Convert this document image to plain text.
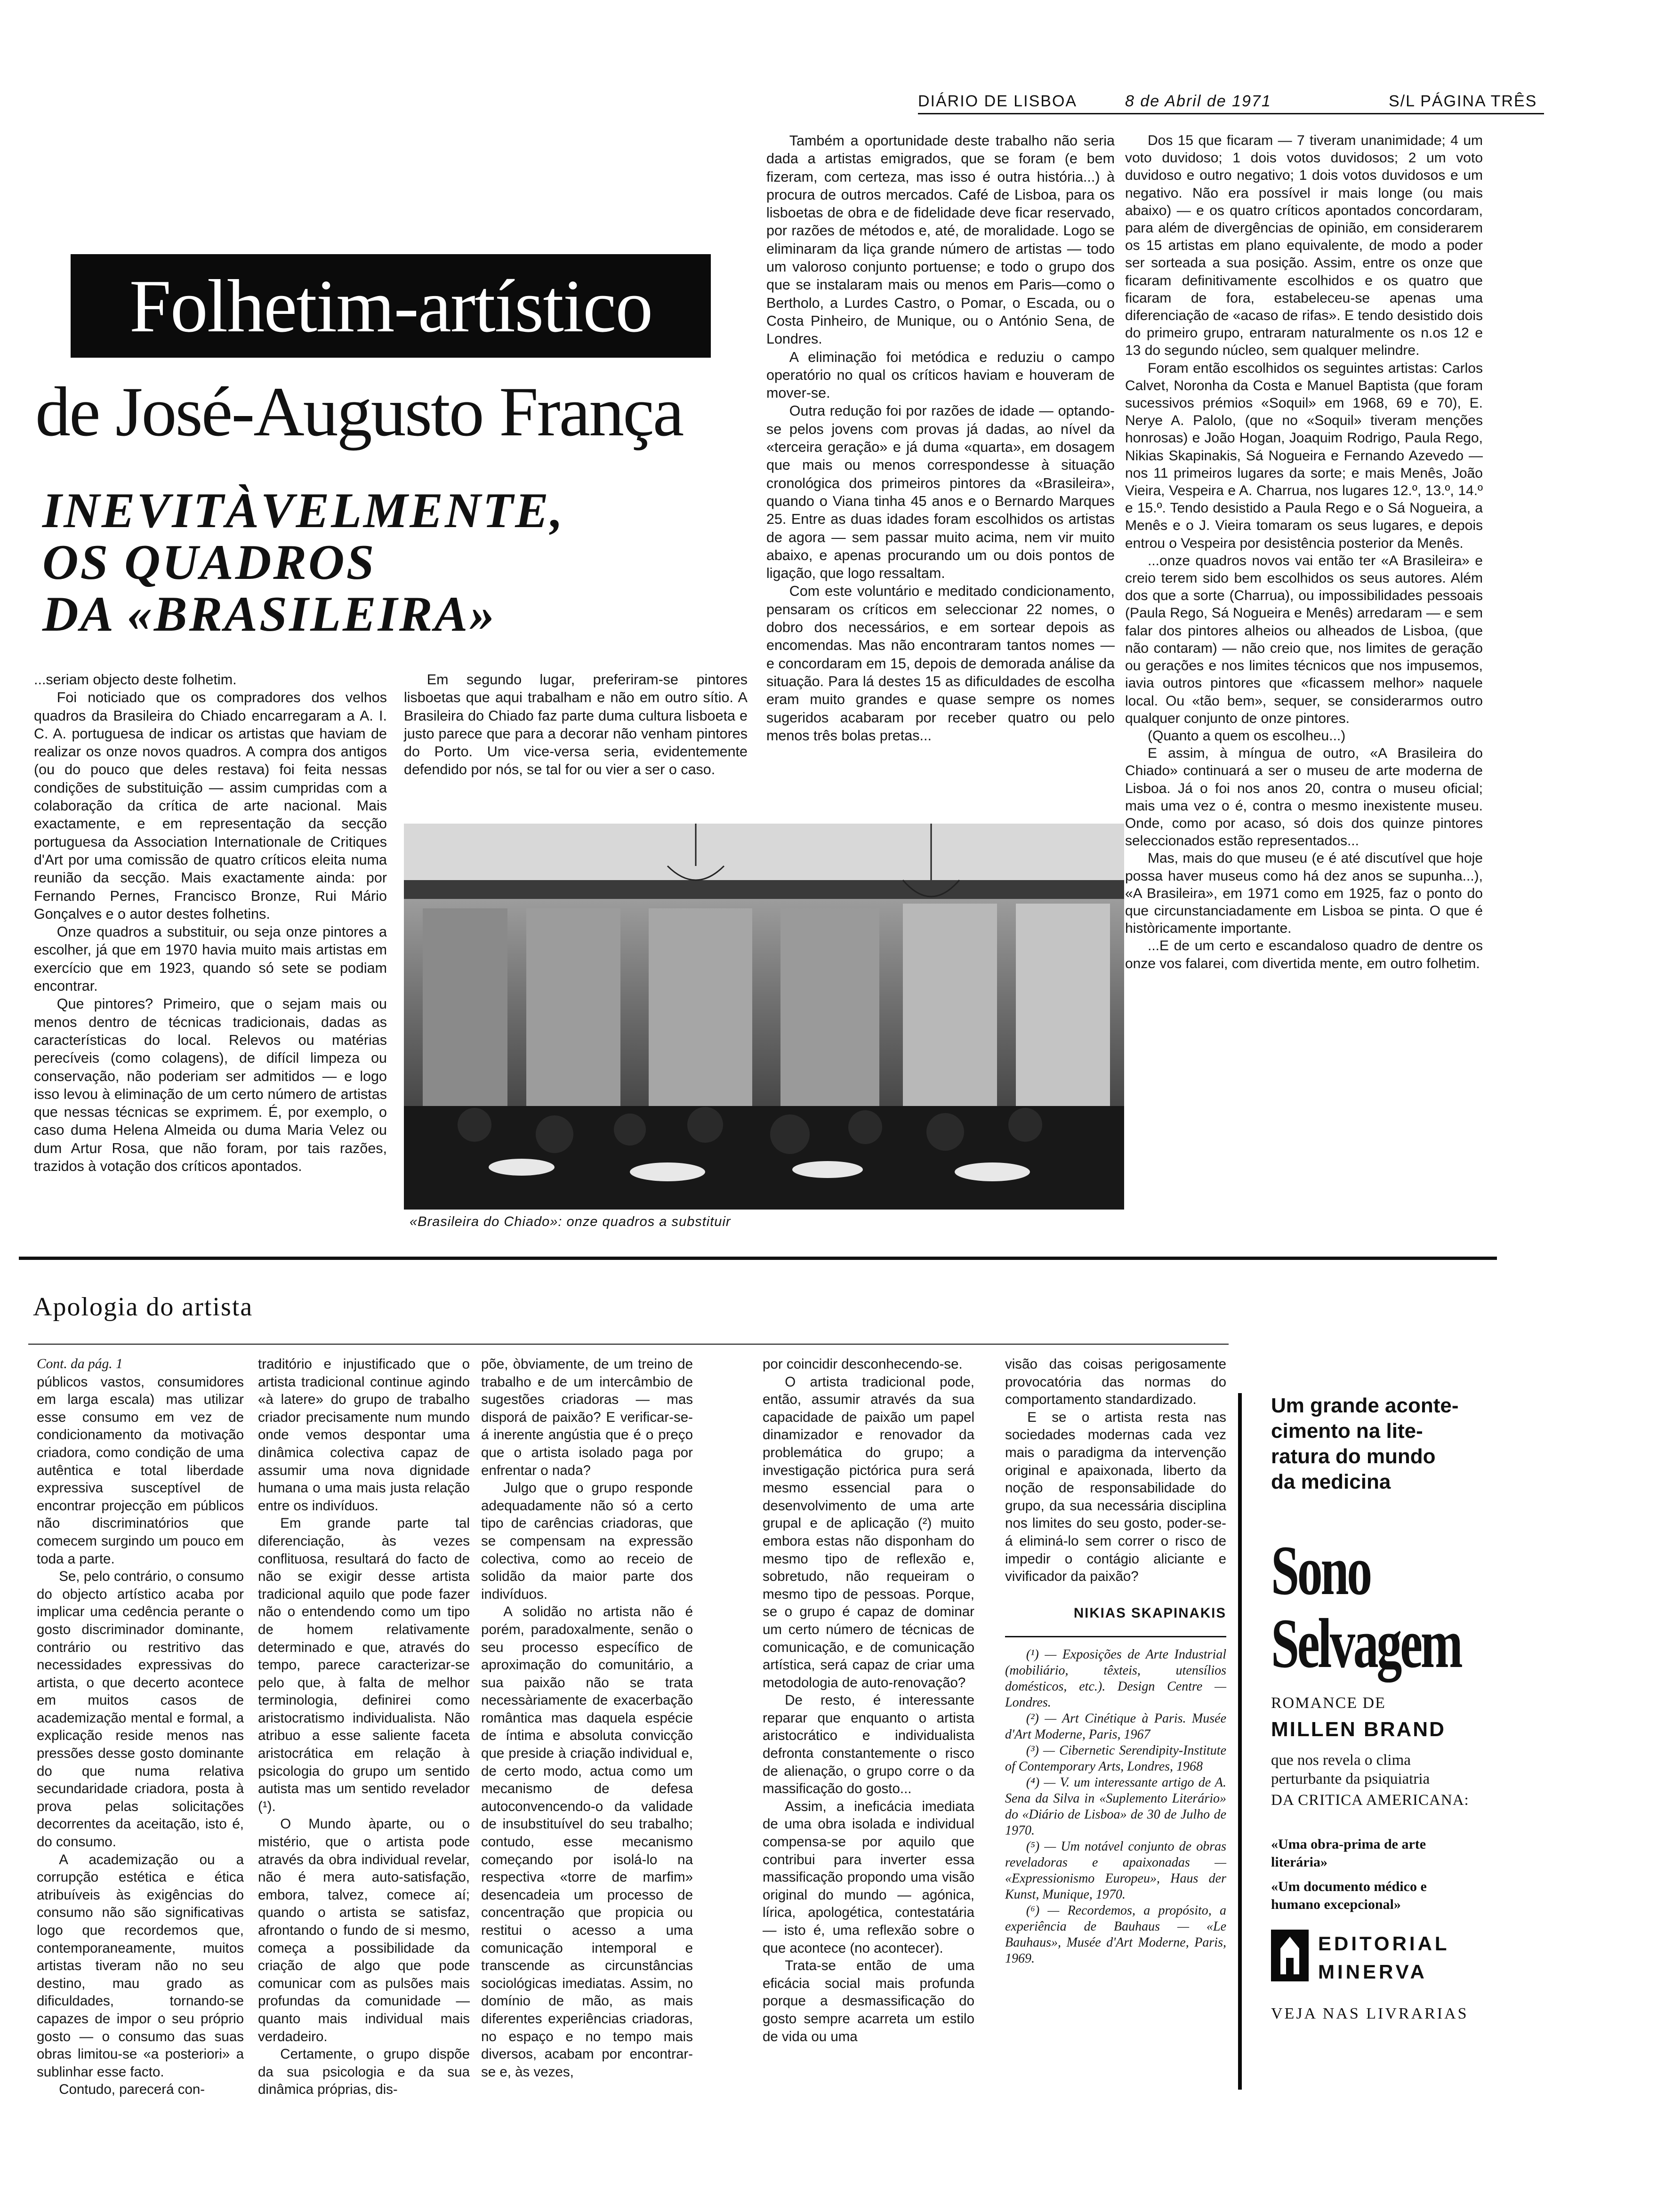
DIÁRIO DE LISBOA	8 de Abril de 1971	S/L PÁGINA TRÊS
Folhetim-artístico
de José-Augusto França
INEVITÀVELMENTE,
OS QUADROS
DA «BRASILEIRA»

...seriam objecto deste folhetim.

Foi noticiado que os compradores dos velhos quadros da Brasileira do Chiado encarregaram a A. I. C. A. portuguesa de indicar os artistas que haviam de realizar os onze novos quadros. A compra dos antigos (ou do pouco que deles restava) foi feita nessas condições de substituição — assim cumpridas com a colaboração da crítica de arte nacional. Mais exactamente, e em representação da secção portuguesa da Association Internationale de Critiques d'Art por uma comissão de quatro críticos eleita numa reunião da secção. Mais exactamente ainda: por Fernando Pernes, Francisco Bronze, Rui Mário Gonçalves e o autor destes folhetins.

Onze quadros a substituir, ou seja onze pintores a escolher, já que em 1970 havia muito mais artistas em exercício que em 1923, quando só sete se podiam encontrar.

Que pintores? Primeiro, que o sejam mais ou menos dentro de técnicas tradicionais, dadas as características do local. Relevos ou matérias perecíveis (como colagens), de difícil limpeza ou conservação, não poderiam ser admitidos — e logo isso levou à eliminação de um certo número de artistas que nessas técnicas se exprimem. É, por exemplo, o caso duma Helena Almeida ou duma Maria Velez ou dum Artur Rosa, que não foram, por tais razões, trazidos à votação dos críticos apontados.

Em segundo lugar, preferiram-se pintores lisboetas que aqui trabalham e não em outro sítio. A Brasileira do Chiado faz parte duma cultura lisboeta e justo parece que para a decorar não venham pintores do Porto. Um vice-versa seria, evidentemente defendido por nós, se tal for ou vier a ser o caso.

«Brasileira do Chiado»: onze quadros a substituir

Também a oportunidade deste trabalho não seria dada a artistas emigrados, que se foram (e bem fizeram, com certeza, mas isso é outra história...) à procura de outros mercados. Café de Lisboa, para os lisboetas de obra e de fidelidade deve ficar reservado, por razões de métodos e, até, de moralidade. Logo se eliminaram da liça grande número de artistas — todo um valoroso conjunto portuense; e todo o grupo dos que se instalaram mais ou menos em Paris—como o Bertholo, a Lurdes Castro, o Pomar, o Escada, ou o Costa Pinheiro, de Munique, ou o António Sena, de Londres.

A eliminação foi metódica e reduziu o campo operatório no qual os críticos haviam e houveram de mover-se.

Outra redução foi por razões de idade — optando-se pelos jovens com provas já dadas, ao nível da «terceira geração» e já duma «quarta», em dosagem que mais ou menos correspondesse à situação cronológica dos primeiros pintores da «Brasileira», quando o Viana tinha 45 anos e o Bernardo Marques 25. Entre as duas idades foram escolhidos os artistas de agora — sem passar muito acima, nem vir muito abaixo, e apenas procurando um ou dois pontos de ligação, que logo ressaltam.

Com este voluntário e meditado condicionamento, pensaram os críticos em seleccionar 22 nomes, o dobro dos necessários, e em sortear depois as encomendas. Mas não encontraram tantos nomes — e concordaram em 15, depois de demorada análise da situação. Para lá destes 15 as dificuldades de escolha eram muito grandes e quase sempre os nomes sugeridos acabaram por receber quatro ou pelo menos três bolas pretas...

Dos 15 que ficaram — 7 tiveram unanimidade; 4 um voto duvidoso; 1 dois votos duvidosos; 2 um voto duvidoso e outro negativo; 1 dois votos duvidosos e um negativo. Não era possível ir mais longe (ou mais abaixo) — e os quatro críticos apontados concordaram, para além de divergências de opinião, em considerarem os 15 artistas em plano equivalente, de modo a poder ser sorteada a sua posição. Assim, entre os onze que ficaram definitivamente escolhidos e os quatro que ficaram de fora, estabeleceu-se apenas uma diferenciação de «acaso de rifas». E tendo desistido dois do primeiro grupo, entraram naturalmente os n.os 12 e 13 do segundo núcleo, sem qualquer melindre.

Foram então escolhidos os seguintes artistas: Carlos Calvet, Noronha da Costa e Manuel Baptista (que foram sucessivos prémios «Soquil» em 1968, 69 e 70), E. Nerye A. Palolo, (que no «Soquil» tiveram menções honrosas) e João Hogan, Joaquim Rodrigo, Paula Rego, Nikias Skapinakis, Sá Nogueira e Fernando Azevedo — nos 11 primeiros lugares da sorte; e mais Menês, João Vieira, Vespeira e A. Charrua, nos lugares 12.º, 13.º, 14.º e 15.º. Tendo desistido a Paula Rego e o Sá Nogueira, a Menês e o J. Vieira tomaram os seus lugares, e depois entrou o Vespeira por desistência posterior da Menês.

...onze quadros novos vai então ter «A Brasileira» e creio terem sido bem escolhidos os seus autores. Além dos que a sorte (Charrua), ou impossibilidades pessoais (Paula Rego, Sá Nogueira e Menês) arredaram — e sem falar dos pintores alheios ou alheados de Lisboa, (que não contaram) — não creio que, nos limites de geração ou gerações e nos limites técnicos que nos impusemos, iavia outros pintores que «ficassem melhor» naquele local. Ou «tão bem», sequer, se considerarmos outro qualquer conjunto de onze pintores.

(Quanto a quem os escolheu...)

E assim, à míngua de outro, «A Brasileira do Chiado» continuará a ser o museu de arte moderna de Lisboa. Já o foi nos anos 20, contra o museu oficial; mais uma vez o é, contra o mesmo inexistente museu. Onde, como por acaso, só dois dos quinze pintores seleccionados estão representados...

Mas, mais do que museu (e é até discutível que hoje possa haver museus como há dez anos se supunha...), «A Brasileira», em 1971 como em 1925, faz o ponto do que circunstanciadamente em Lisboa se pinta. O que é històricamente importante.

...E de um certo e escandaloso quadro de dentre os onze vos falarei, com divertida mente, em outro folhetim.

Apologia do artista

Cont. da pág. 1

públicos vastos, consumidores em larga escala) mas utilizar esse consumo em vez de condicionamento da motivação criadora, como condição de uma autêntica e total liberdade expressiva susceptível de encontrar projecção em públicos não discriminatórios que comecem surgindo um pouco em toda a parte.

Se, pelo contrário, o consumo do objecto artístico acaba por implicar uma cedência perante o gosto discriminador dominante, contrário ou restritivo das necessidades expressivas do artista, o que decerto acontece em muitos casos de academização mental e formal, a explicação reside menos nas pressões desse gosto dominante do que numa relativa secundaridade criadora, posta à prova pelas solicitações decorrentes da aceitação, isto é, do consumo.

A academização ou a corrupção estética e ética atribuíveis às exigências do consumo não são significativas logo que recordemos que, contemporaneamente, muitos artistas tiveram não no seu destino, mau grado as dificuldades, tornando-se capazes de impor o seu próprio gosto — o consumo das suas obras limitou-se «a posteriori» a sublinhar esse facto.

Contudo, parecerá con-

traditório e injustificado que o artista tradicional continue agindo «à latere» do grupo de trabalho criador precisamente num mundo onde vemos despontar uma dinâmica colectiva capaz de assumir uma nova dignidade humana o uma mais justa relação entre os indivíduos.

Em grande parte tal diferenciação, às vezes conflituosa, resultará do facto de não se exigir desse artista tradicional aquilo que pode fazer não o entendendo como um tipo de homem relativamente determinado e que, através do tempo, parece caracterizar-se pelo que, à falta de melhor terminologia, definirei como aristocratismo individualista. Não atribuo a esse saliente faceta aristocrática em relação à psicologia do grupo um sentido autista mas um sentido revelador (¹).

O Mundo àparte, ou o mistério, que o artista pode através da obra individual revelar, não é mera auto-satisfação, embora, talvez, comece aí; quando o artista se satisfaz, afrontando o fundo de si mesmo, começa a possibilidade da criação de algo que pode comunicar com as pulsões mais profundas da comunidade — quanto mais individual mais verdadeiro.

Certamente, o grupo dispõe da sua psicologia e da sua dinâmica próprias, dis-

põe, òbviamente, de um treino de trabalho e de um intercâmbio de sugestões criadoras — mas disporá de paixão? E verificar-se-á inerente angústia que é o preço que o artista isolado paga por enfrentar o nada?

Julgo que o grupo responde adequadamente não só a certo tipo de carências criadoras, que se compensam na expressão colectiva, como ao receio de solidão da maior parte dos indivíduos.

A solidão no artista não é porém, paradoxalmente, senão o seu processo específico de aproximação do comunitário, a sua paixão não se trata necessàriamente de exacerbação romântica mas daquela espécie de íntima e absoluta convicção que preside à criação individual e, de certo modo, actua como um mecanismo de defesa autoconvencendo-o da validade de insubstituível do seu trabalho; contudo, esse mecanismo começando por isolá-lo na respectiva «torre de marfim» desencadeia um processo de concentração que propicia ou restitui o acesso a uma comunicação intemporal e transcende as circunstâncias sociológicas imediatas. Assim, no domínio de mão, as mais diferentes experiências criadoras, no espaço e no tempo mais diversos, acabam por encontrar-se e, às vezes,

por coincidir desconhecendo-se.

O artista tradicional pode, então, assumir através da sua capacidade de paixão um papel dinamizador e renovador da problemática do grupo; a investigação pictórica pura será mesmo essencial para o desenvolvimento de uma arte grupal e de aplicação (²) muito embora estas não disponham do mesmo tipo de reflexão e, sobretudo, não requeiram o mesmo tipo de pessoas. Porque, se o grupo é capaz de dominar um certo número de técnicas de comunicação, e de comunicação artística, será capaz de criar uma metodologia de auto-renovação?

De resto, é interessante reparar que enquanto o artista aristocrático e individualista defronta constantemente o risco de alienação, o grupo corre o da massificação do gosto...

Assim, a ineficácia imediata de uma obra isolada e individual compensa-se por aquilo que contribui para inverter essa massificação propondo uma visão original do mundo — agónica, lírica, apologética, contestatária — isto é, uma reflexão sobre o que acontece (no acontecer).

Trata-se então de uma eficácia social mais profunda porque a desmassificação do gosto sempre acarreta um estilo de vida ou uma

visão das coisas perigosamente provocatória das normas do comportamento standardizado.

E se o artista resta nas sociedades modernas cada vez mais o paradigma da intervenção original e apaixonada, liberto da noção de responsabilidade do grupo, da sua necessária disciplina nos limites do seu gosto, poder-se-á eliminá-lo sem correr o risco de impedir o contágio aliciante e vivificador da paixão?

NIKIAS SKAPINAKIS

(¹) — Exposições de Arte Industrial (mobiliário, têxteis, utensílios domésticos, etc.). Design Centre — Londres.

(²) — Art Cinétique à Paris. Musée d'Art Moderne, Paris, 1967

(³) — Cibernetic Serendipity-Institute of Contemporary Arts, Londres, 1968

(⁴) — V. um interessante artigo de A. Sena da Silva in «Suplemento Literário» do «Diário de Lisboa» de 30 de Julho de 1970.

(⁵) — Um notável conjunto de obras reveladoras e apaixonadas — «Expressionismo Europeu», Haus der Kunst, Munique, 1970.

(⁶) — Recordemos, a propósito, a experiência de Bauhaus — «Le Bauhaus», Musée d'Art Moderne, Paris, 1969.

Um grande aconte-
cimento na lite-
ratura do mundo
da medicina
Sono
Selvagem
ROMANCE DE
MILLEN BRAND
que nos revela o clima perturbante da psiquiatria
DA CRITICA AMERICANA:
«Uma obra-prima de arte literária»
«Um documento médico e humano excepcional»
EDITORIAL
MINERVA
VEJA NAS LIVRARIAS
